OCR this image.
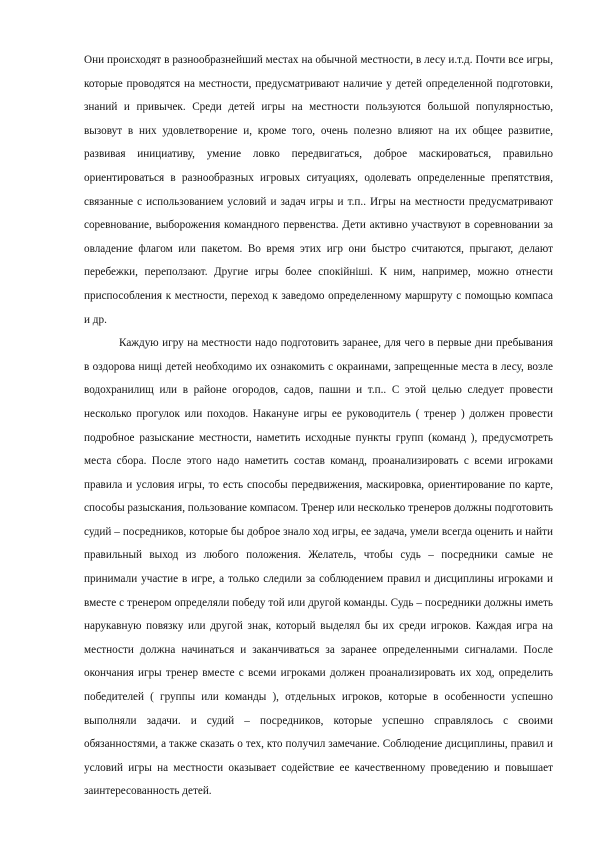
Они происходят в разнообразнейший местах на обычной местности, в лесу и.т.д. Почти все игры, которые проводятся на местности, предусматривают наличие у детей определенной подготовки, знаний и привычек. Среди детей игры на местности пользуются большой популярностью, вызовут в них удовлетворение и, кроме того, очень полезно влияют на их общее развитие, развивая инициативу, умение ловко передвигаться, доброе маскироваться, правильно ориентироваться в разнообразных игровых ситуациях, одолевать определенные препятствия, связанные с использованием условий и задач игры и т.п.. Игры на местности предусматривают соревнование, выборожения командного первенства. Дети активно участвуют в соревновании за овладение флагом или пакетом. Во время этих игр они быстро считаются, прыгают, делают перебежки, переползают. Другие игры более спокійніші. К ним, например, можно отнести приспособления к местности, переход к заведомо определенному маршруту с помощью компаса и др.

Каждую игру на местности надо подготовить заранее, для чего в первые дни пребывания в оздорова нищі детей необходимо их ознакомить с окраинами, запрещенные места в лесу, возле водохранилищ или в районе огородов, садов, пашни и т.п.. С этой целью следует провести несколько прогулок или походов. Накануне игры ее руководитель ( тренер ) должен провести подробное разыскание местности, наметить исходные пункты групп (команд ), предусмотреть места сбора. После этого надо наметить состав команд, проанализировать с всеми игроками правила и условия игры, то есть способы передвижения, маскировка, ориентирование по карте, способы разыскания, пользование компасом. Тренер или несколько тренеров должны подготовить судий – посредников, которые бы доброе знало ход игры, ее задача, умели всегда оценить и найти правильный выход из любого положения. Желатель, чтобы судь – посредники самые не принимали участие в игре, а только следили за соблюдением правил и дисциплины игроками и вместе с тренером определяли победу той или другой команды. Судь – посредники должны иметь нарукавную повязку или другой знак, который выделял бы их среди игроков. Каждая игра на местности должна начинаться и заканчиваться за заранее определенными сигналами. После окончания игры тренер вместе с всеми игроками должен проанализировать их ход, определить победителей ( группы или команды ), отдельных игроков, которые в особенности успешно выполняли задачи. и судий – посредников, которые успешно справлялось с своими обязанностями, а также сказать о тех, кто получил замечание. Соблюдение дисциплины, правил и условий игры на местности оказывает содействие ее качественному проведению и повышает заинтересованность детей.
